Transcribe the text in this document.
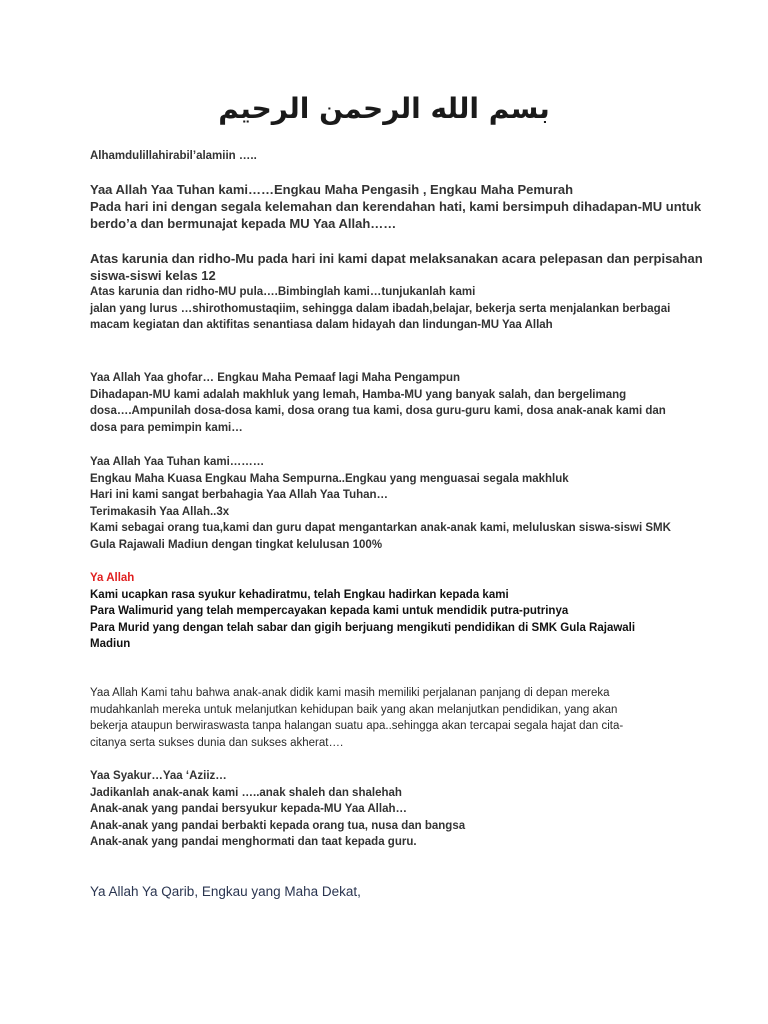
بسم الله الرحمن الرحيم
Alhamdulillahirabil’alamiin …..
Yaa Allah Yaa Tuhan kami……Engkau Maha Pengasih , Engkau Maha Pemurah
Pada hari ini dengan segala kelemahan dan kerendahan hati, kami bersimpuh dihadapan-MU untuk
berdo’a dan bermunajat kepada MU Yaa Allah……
Atas karunia dan ridho-Mu pada hari ini kami dapat melaksanakan acara pelepasan dan perpisahan
siswa-siswi kelas 12
Atas karunia dan ridho-MU pula….Bimbinglah kami…tunjukanlah kami
jalan yang lurus …shirothomustaqiim, sehingga dalam ibadah,belajar, bekerja serta menjalankan berbagai
macam kegiatan dan aktifitas senantiasa dalam hidayah dan lindungan-MU Yaa Allah
Yaa Allah Yaa ghofar… Engkau Maha Pemaaf lagi Maha Pengampun
Dihadapan-MU kami adalah makhluk yang lemah, Hamba-MU yang banyak salah, dan bergelimang
dosa….Ampunilah dosa-dosa kami, dosa orang tua kami, dosa guru-guru kami, dosa anak-anak kami dan
dosa para pemimpin kami…
Yaa Allah Yaa Tuhan kami………
Engkau Maha Kuasa Engkau Maha Sempurna..Engkau yang menguasai segala makhluk
Hari ini kami sangat berbahagia Yaa Allah Yaa Tuhan…
Terimakasih Yaa Allah..3x
Kami sebagai orang tua,kami dan guru dapat mengantarkan anak-anak kami, meluluskan siswa-siswi SMK
Gula Rajawali Madiun dengan tingkat kelulusan 100%
Ya Allah
Kami ucapkan rasa syukur kehadiratmu, telah Engkau hadirkan kepada kami
Para Walimurid yang telah mempercayakan kepada kami untuk mendidik putra-putrinya
Para Murid yang dengan telah sabar dan gigih berjuang mengikuti pendidikan di SMK Gula Rajawali
Madiun
Yaa Allah Kami tahu bahwa anak-anak didik kami masih memiliki perjalanan panjang di depan mereka
mudahkanlah mereka untuk melanjutkan kehidupan baik yang akan melanjutkan pendidikan, yang akan
bekerja ataupun berwiraswasta tanpa halangan suatu apa..sehingga akan tercapai segala hajat dan cita-
citanya serta sukses dunia dan sukses akherat….
Yaa Syakur…Yaa ‘Aziiz…
Jadikanlah anak-anak kami …..anak shaleh dan shalehah
Anak-anak yang pandai bersyukur kepada-MU Yaa Allah…
Anak-anak yang pandai berbakti kepada orang tua, nusa dan bangsa
Anak-anak yang pandai menghormati dan taat kepada guru.
Ya Allah Ya Qarib, Engkau yang Maha Dekat,
